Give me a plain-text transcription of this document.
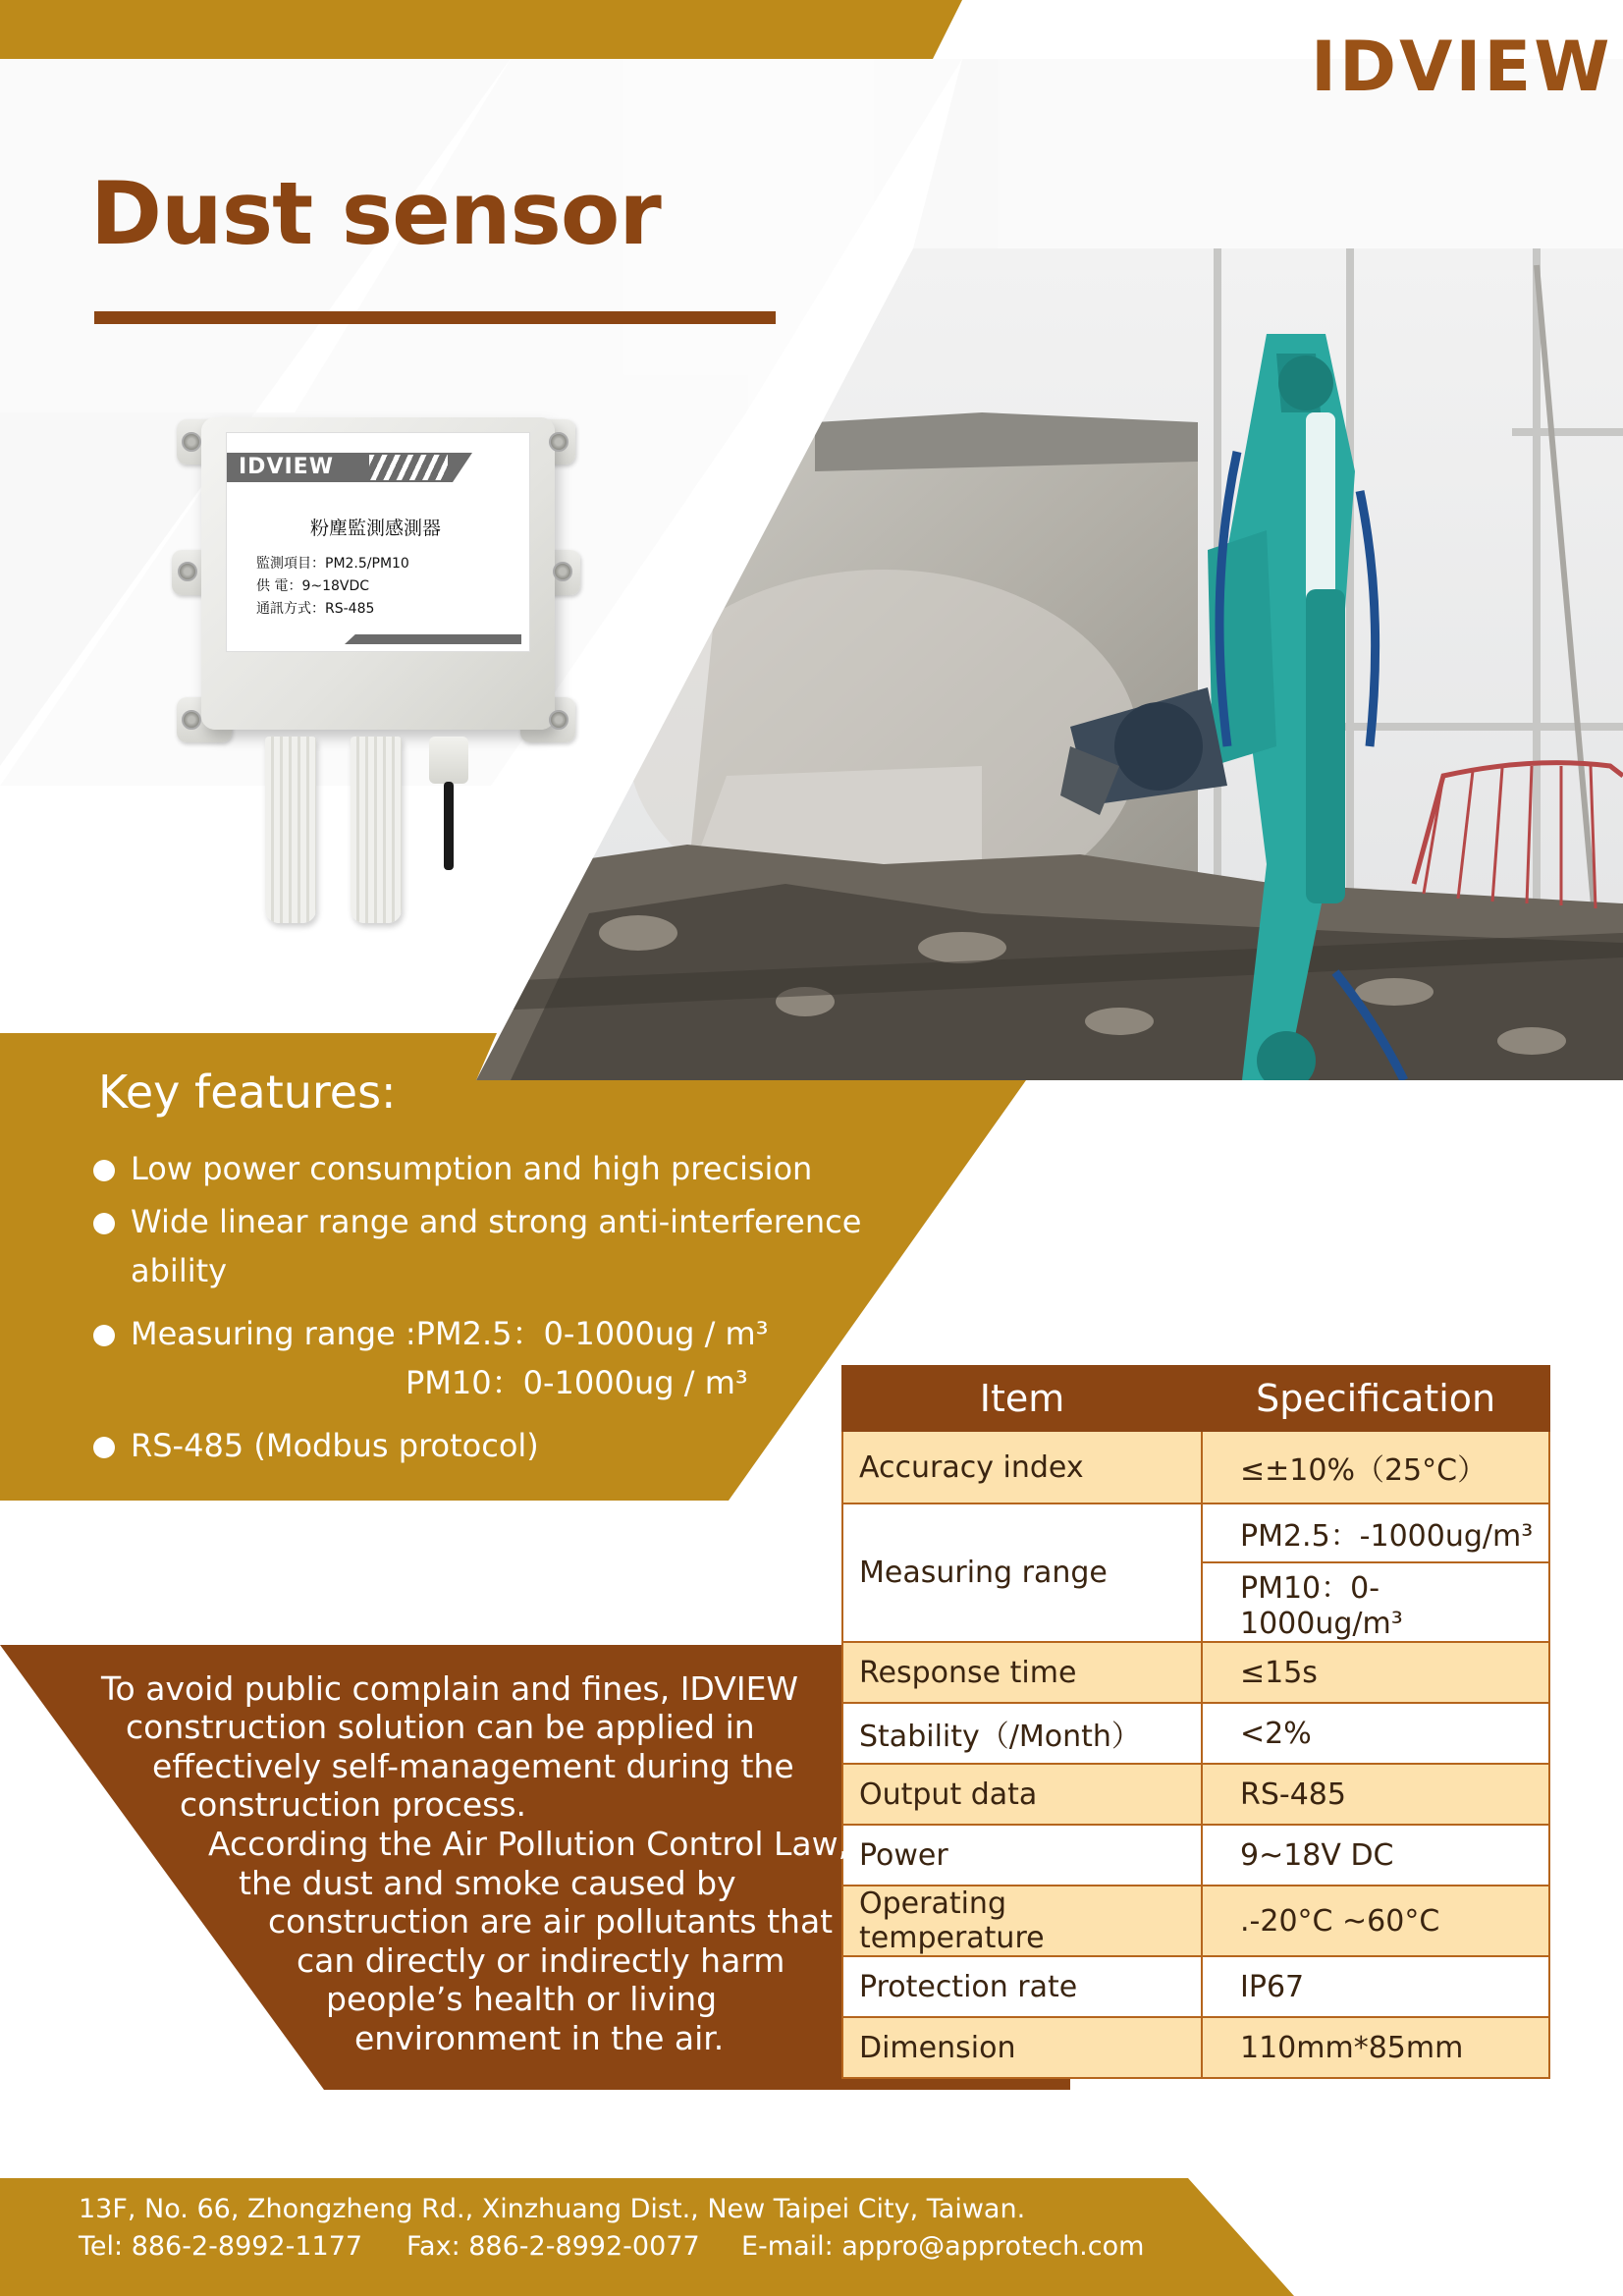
IDVIEW
Dust sensor
IDVIEW
粉塵監測感測器
監測項目：PM2.5/PM10
供 電：9~18VDC
通訊方式：RS-485
Key features:
Low power consumption and high precision
Wide linear range and strong anti-interference
ability
Measuring range :PM2.5：0-1000ug / m³
PM10：0-1000ug / m³
RS-485 (Modbus protocol)
Item	Specification
Accuracy index	≤±10%（25°C）
Measuring range	PM2.5：-1000ug/m³
	PM10：0-1000ug/m³
Response time	≤15s
Stability（/Month）	<2%
Output data	RS-485
Power	9~18V DC
Operating temperature	.-20°C ~60°C
Protection rate	IP67
Dimension	110mm*85mm
To avoid public complain and fines, IDVIEW
construction solution can be applied in
effectively self-management during the
construction process.
According the Air Pollution Control Law,
the dust and smoke caused by
construction are air pollutants that
can directly or indirectly harm
people’s health or living
environment in the air.
13F, No. 66, Zhongzheng Rd., Xinzhuang Dist., New Taipei City, Taiwan.
Tel: 886-2-8992-1177 Fax: 886-2-8992-0077 E-mail: appro@approtech.com
